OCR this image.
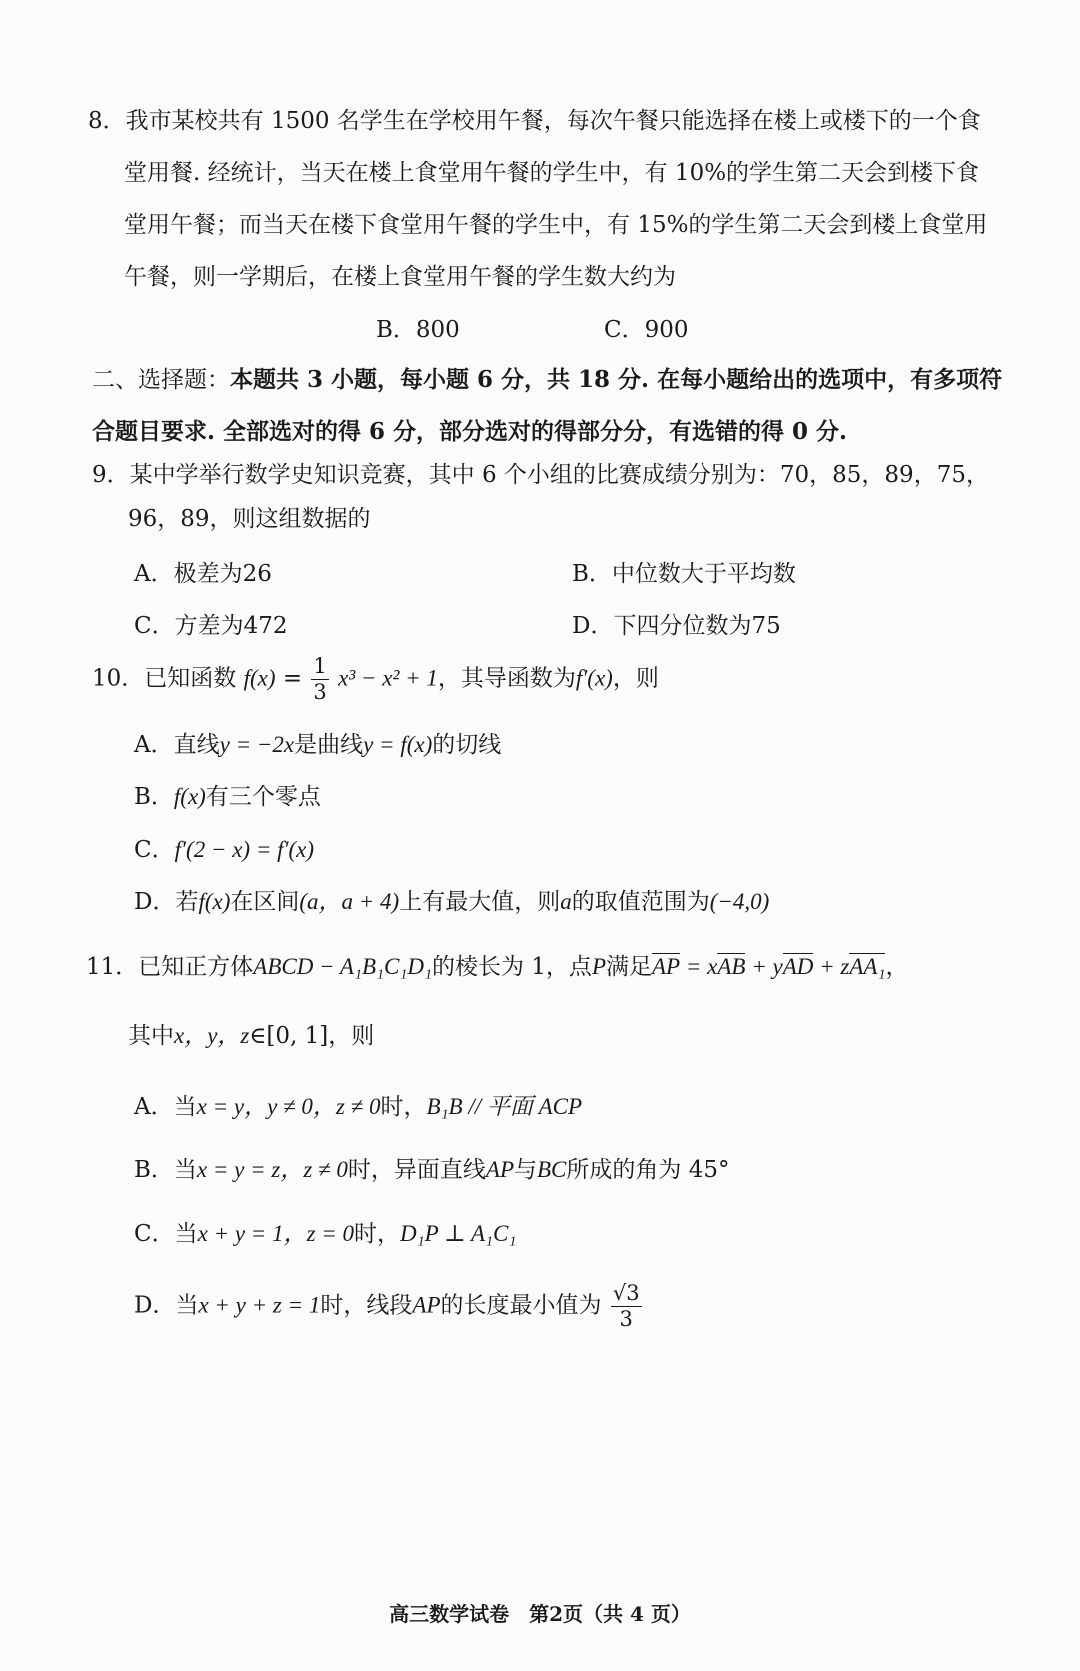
8．我市某校共有 1500 名学生在学校用午餐，每次午餐只能选择在楼上或楼下的一个食
堂用餐. 经统计，当天在楼上食堂用午餐的学生中，有 10%的学生第二天会到楼下食
堂用午餐；而当天在楼下食堂用午餐的学生中，有 15%的学生第二天会到楼上食堂用
午餐，则一学期后，在楼上食堂用午餐的学生数大约为
B．800	C．900
二、选择题：本题共 3 小题，每小题 6 分，共 18 分. 在每小题给出的选项中，有多项符
合题目要求. 全部选对的得 6 分，部分选对的得部分分，有选错的得 0 分.
9．某中学举行数学史知识竞赛，其中 6 个小组的比赛成绩分别为：70，85，89，75，
96，89，则这组数据的
A．极差为26	B．中位数大于平均数
C．方差为472	D．下四分位数为75
10．已知函数 $f(x) = \frac{1}{3} x^3 - x^2 + 1$，其导函数为f′(x)，则
A．直线y = −2x是曲线y = f(x)的切线
B．f(x)有三个零点
C．f′(2 − x) = f′(x)
D．若f(x)在区间(a，a + 4)上有最大值，则a的取值范围为(−4,0)
11．已知正方体ABCD − A₁B₁C₁D₁的棱长为 1，点P满足AP = xAB + yAD + zAA₁，
其中x，y，z∈[0, 1]，则
A．当x = y，y ≠ 0，z ≠ 0时，B₁B // 平面 ACP
B．当x = y = z，z ≠ 0时，异面直线AP与BC所成的角为 45°
C．当x + y = 1，z = 0时，D₁P ⊥ A₁C₁
D．当x + y + z = 1时，线段AP的长度最小值为 $\frac{√3}{3}$
高三数学试卷　第2页（共 4 页）
